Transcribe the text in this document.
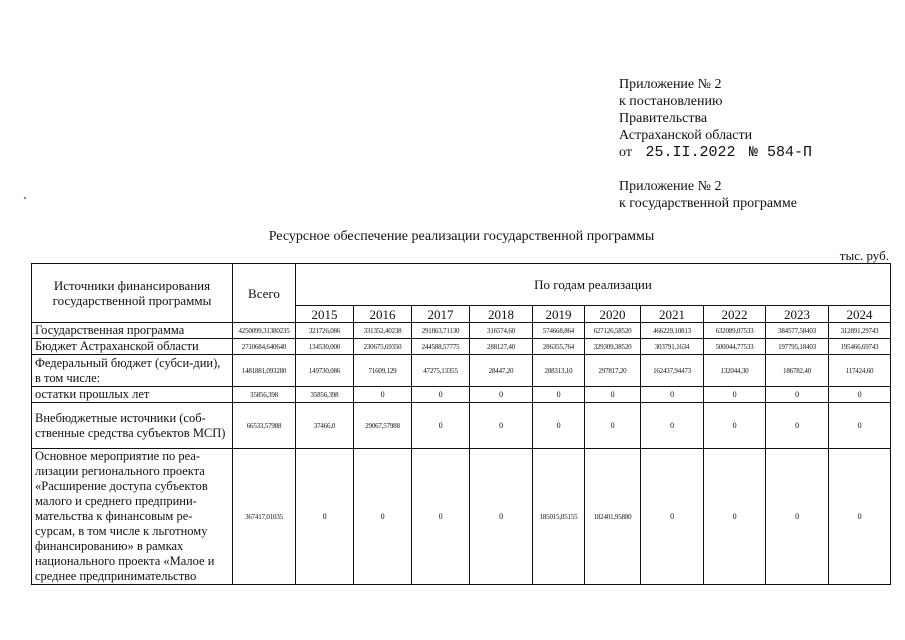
Приложение № 2
к постановлению
Правительства
Астраханской области
от 25.II.2022 № 584-П
Приложение № 2
к государственной программе
Ресурсное обеспечение реализации государственной программы
тыс. руб.
Источники финансирования государственной программы	Всего	По годам реализации									
		2015	2016	2017	2018	2019	2020	2021	2022	2023	2024
Государственная программа	4250099,31380235	321726,086	331352,40238	291863,71130	316574,60	574668,864	627126,58520	466229,10813	632089,07533	384577,58403	312891,29743
Бюджет Астраханской области	2710684,640640	134530,000	230675,69350	244588,57775	288127,40	286355,764	329309,38520	303791,1634	500044,77533	197795,18403	195466,69743
Федеральный бюджет (субси-дии), в том числе:	1481881,093280	149730,086	71609,129	47275,13355	28447,20	288313,10	297817,20	162437,94473	132044,30	186782,40	117424,60
остатки прошлых лет	35856,398	35856,398	0	0	0	0	0	0	0	0	0
Внебюджетные источники (соб-ственные средства субъектов МСП)	66533,57988	37466,0	29067,57988	0	0	0	0	0	0	0	0
Основное мероприятие по реа-лизации регионального проекта «Расширение доступа субъектов малого и среднего предприни-мательства к финансовым ре-сурсам, в том числе к льготному финансированию» в рамках национального проекта «Малое и среднее предпринимательство	367417,01035	0	0	0	0	185015,05155	182401,95880	0	0	0	0
